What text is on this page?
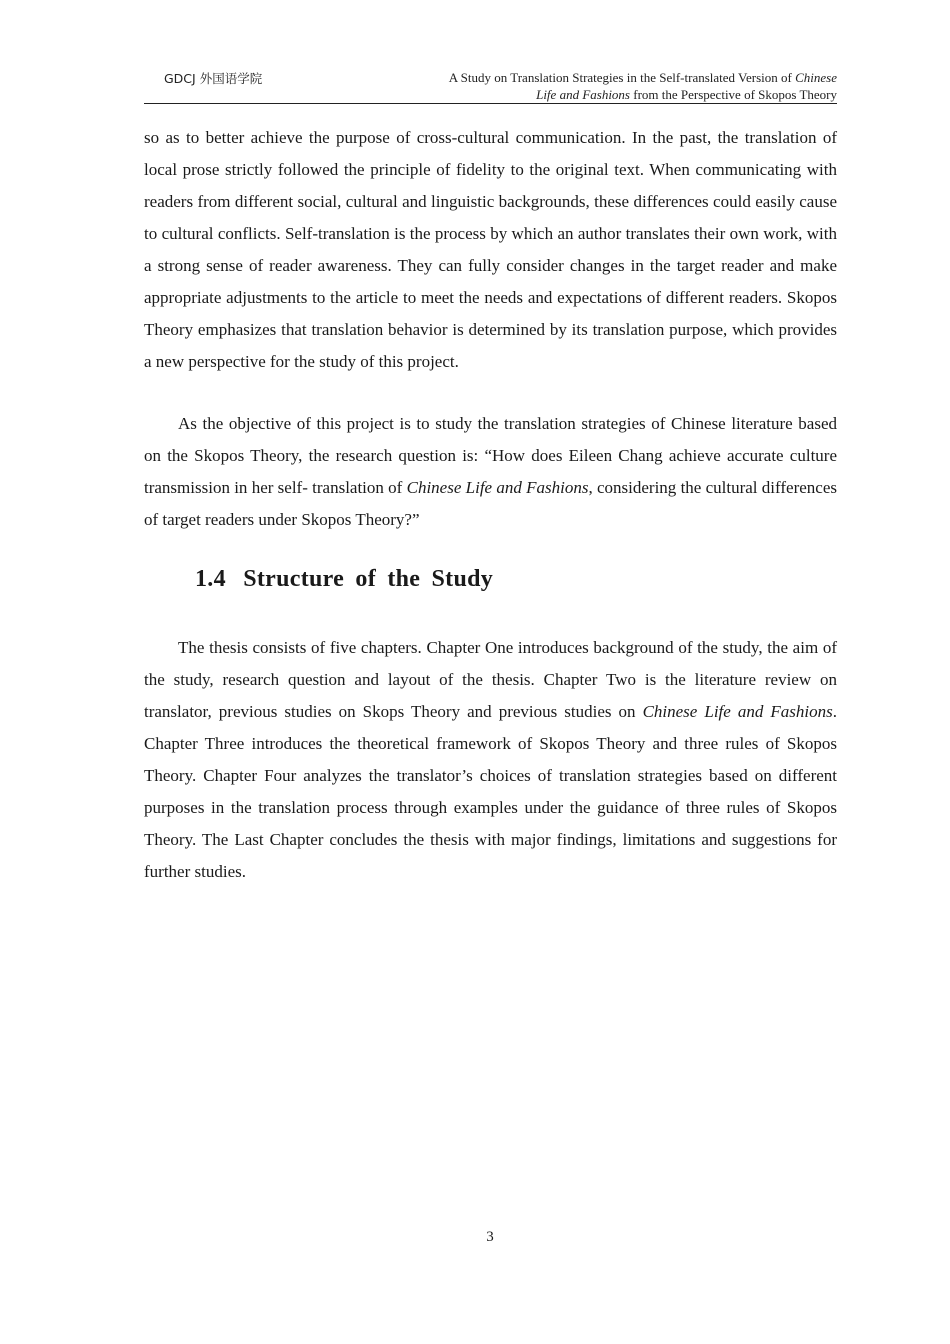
GDCJ 外国语学院	A Study on Translation Strategies in the Self-translated Version of Chinese
Life and Fashions from the Perspective of Skopos Theory

so as to better achieve the purpose of cross-cultural communication. In the past, the translation of local prose strictly followed the principle of fidelity to the original text. When communicating with readers from different social, cultural and linguistic backgrounds, these differences could easily cause to cultural conflicts. Self-translation is the process by which an author translates their own work, with a strong sense of reader awareness. They can fully consider changes in the target reader and make appropriate adjustments to the article to meet the needs and expectations of different readers. Skopos Theory emphasizes that translation behavior is determined by its translation purpose, which provides a new perspective for the study of this project.

As the objective of this project is to study the translation strategies of Chinese literature based on the Skopos Theory, the research question is: “How does Eileen Chang achieve accurate culture transmission in her self- translation of Chinese Life and Fashions, considering the cultural differences of target readers under Skopos Theory?”

1.4 Structure of the Study

The thesis consists of five chapters. Chapter One introduces background of the study, the aim of the study, research question and layout of the thesis. Chapter Two is the literature review on translator, previous studies on Skops Theory and previous studies on Chinese Life and Fashions. Chapter Three introduces the theoretical framework of Skopos Theory and three rules of Skopos Theory. Chapter Four analyzes the translator’s choices of translation strategies based on different purposes in the translation process through examples under the guidance of three rules of Skopos Theory. The Last Chapter concludes the thesis with major findings, limitations and suggestions for further studies.

3
